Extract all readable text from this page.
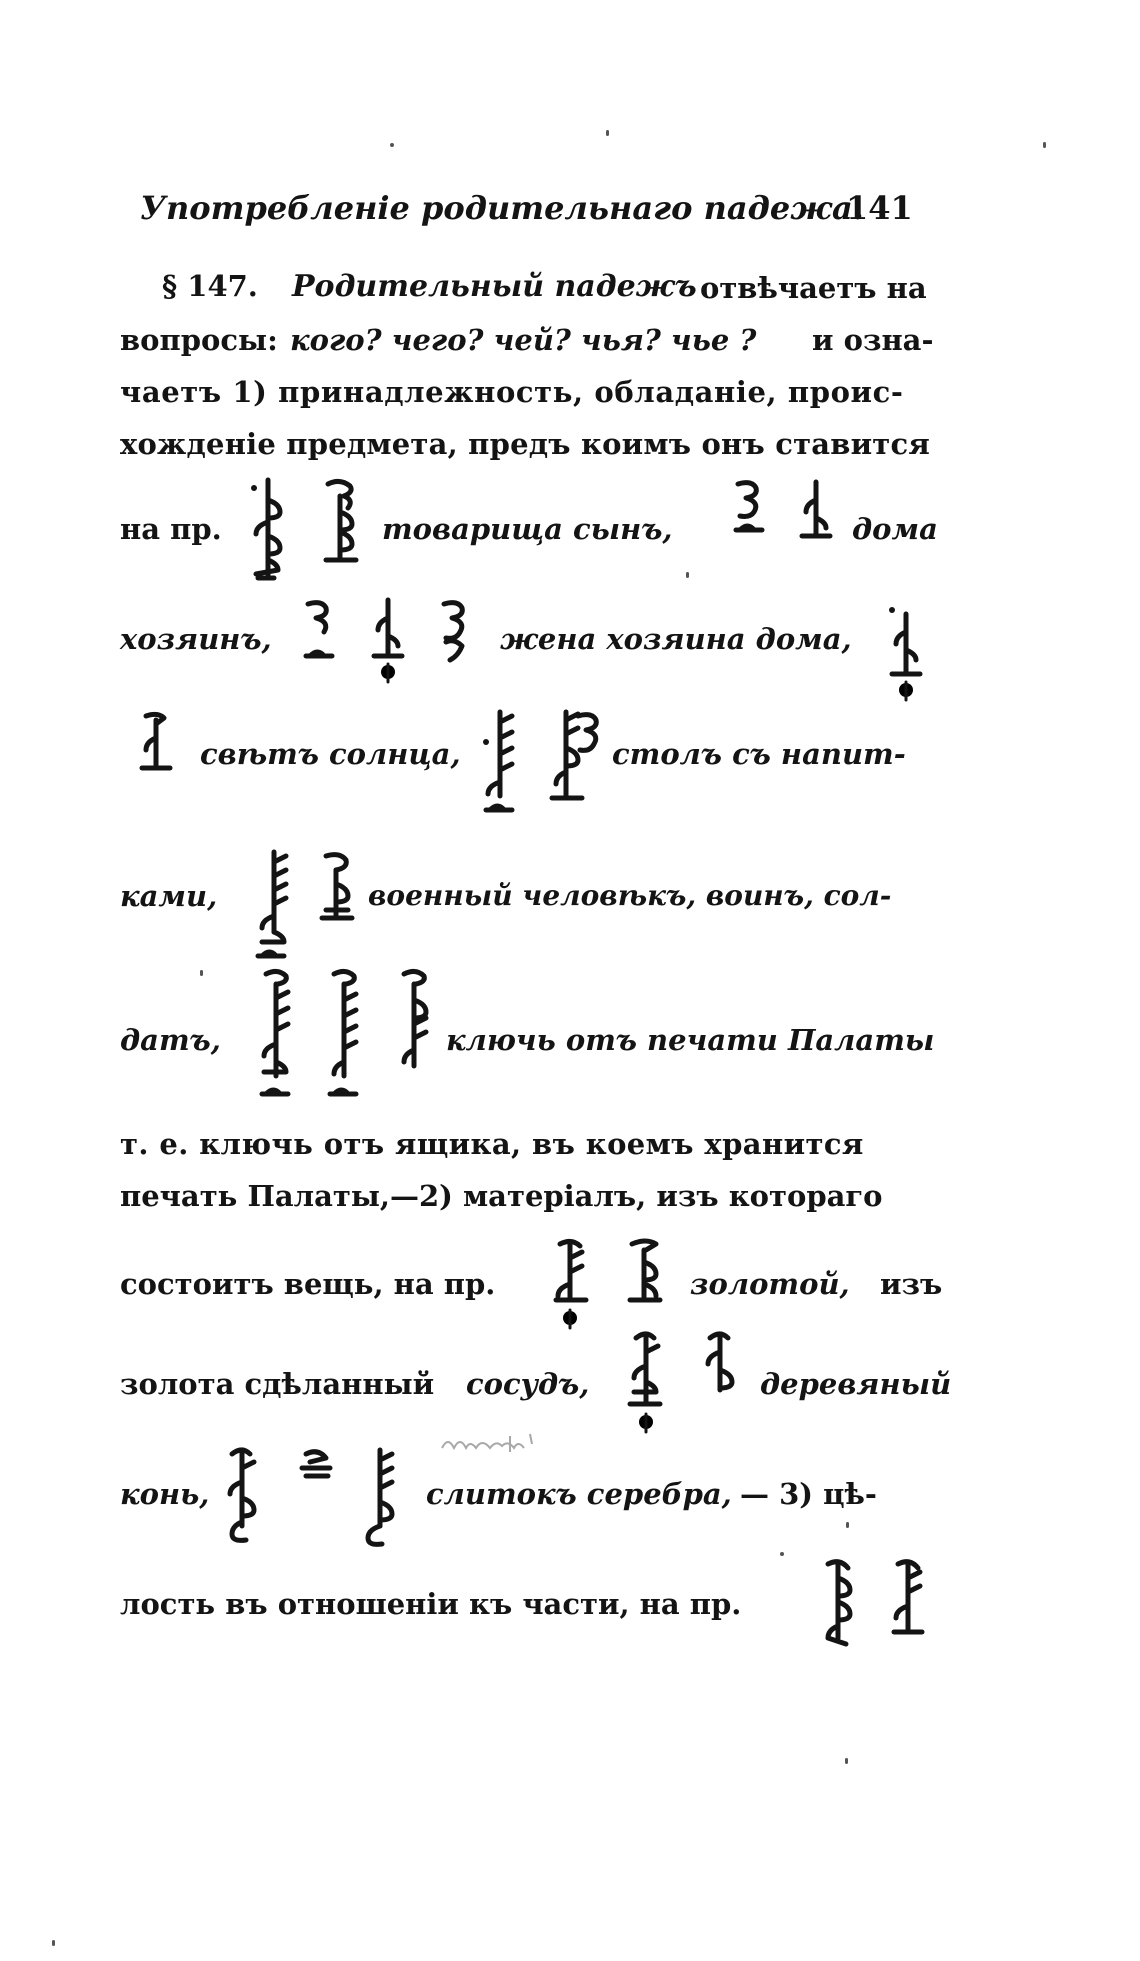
Употребленіе родительнаго падежа.
141
§ 147. Родительный падежъ отвѣчаетъ на
вопросы: кого? чего? чей? чья? чье ? и озна-
чаетъ 1) принадлежность, обладаніе, проис-
хожденіе предмета, предъ коимъ онъ ставится
на пр.	товарища сынъ,	дома
хозяинъ,	жена хозяина дома,
свѣтъ солнца,	столъ съ напит-
ками,	военный человѣкъ, воинъ, сол-
датъ,	ключь отъ печати Палаты
т. е. ключь отъ ящика, въ коемъ хранится
печать Палаты,—2) матеріалъ, изъ котораго
состоитъ вещь, на пр.	золотой, изъ
золота сдѣланный сосудъ,	деревяный
конь,	слитокъ серебра, — 3) цѣ-
лость въ отношеніи къ части, на пр.
